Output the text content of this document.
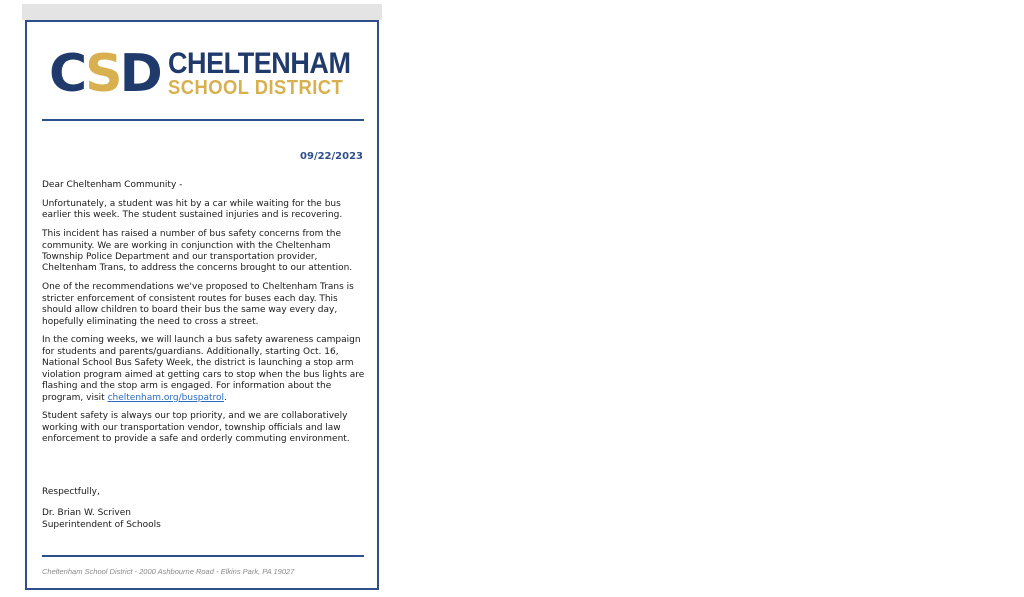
CSD CHELTENHAM
SCHOOL DISTRICT
09/22/2023

Dear Cheltenham Community -

Unfortunately, a student was hit by a car while waiting for the bus earlier this week. The student sustained injuries and is recovering.

This incident has raised a number of bus safety concerns from the community. We are working in conjunction with the Cheltenham Township Police Department and our transportation provider, Cheltenham Trans, to address the concerns brought to our attention.

One of the recommendations we've proposed to Cheltenham Trans is stricter enforcement of consistent routes for buses each day. This should allow children to board their bus the same way every day, hopefully eliminating the need to cross a street.

In the coming weeks, we will launch a bus safety awareness campaign for students and parents/guardians. Additionally, starting Oct. 16, National School Bus Safety Week, the district is launching a stop arm violation program aimed at getting cars to stop when the bus lights are flashing and the stop arm is engaged. For information about the program, visit cheltenham.org/buspatrol.

Student safety is always our top priority, and we are collaboratively working with our transportation vendor, township officials and law enforcement to provide a safe and orderly commuting environment.

Respectfully,
Dr. Brian W. Scriven
Superintendent of Schools
Cheltenham School District - 2000 Ashbourne Road - Elkins Park, PA 19027
